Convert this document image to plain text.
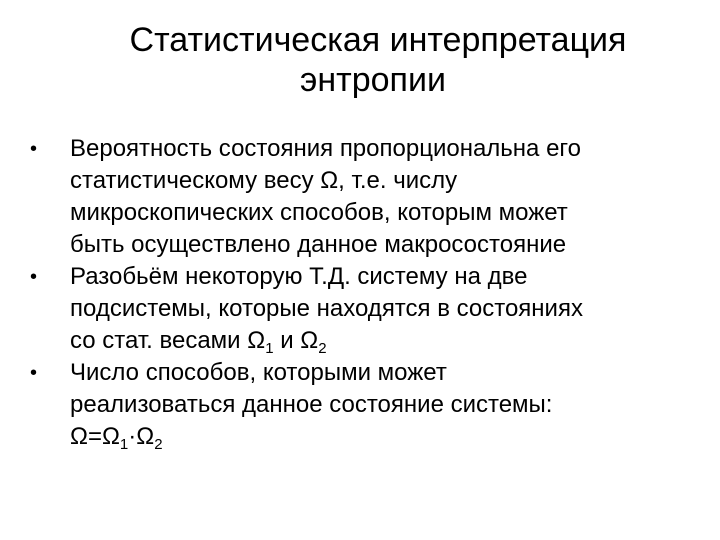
Статистическая интерпретация
энтропии
•	Вероятность состояния пропорциональна его
статистическому весу Ω, т.е. числу
микроскопических способов, которым может
быть осуществлено данное макросостояние
•	Разобьём некоторую Т.Д. систему на две
подсистемы, которые находятся в состояниях
со стат. весами $\Omega_1$ и $\Omega_2$
•	Число способов, которыми может
реализоваться данное состояние системы:
$\Omega=\Omega_1\cdot\Omega_2$
